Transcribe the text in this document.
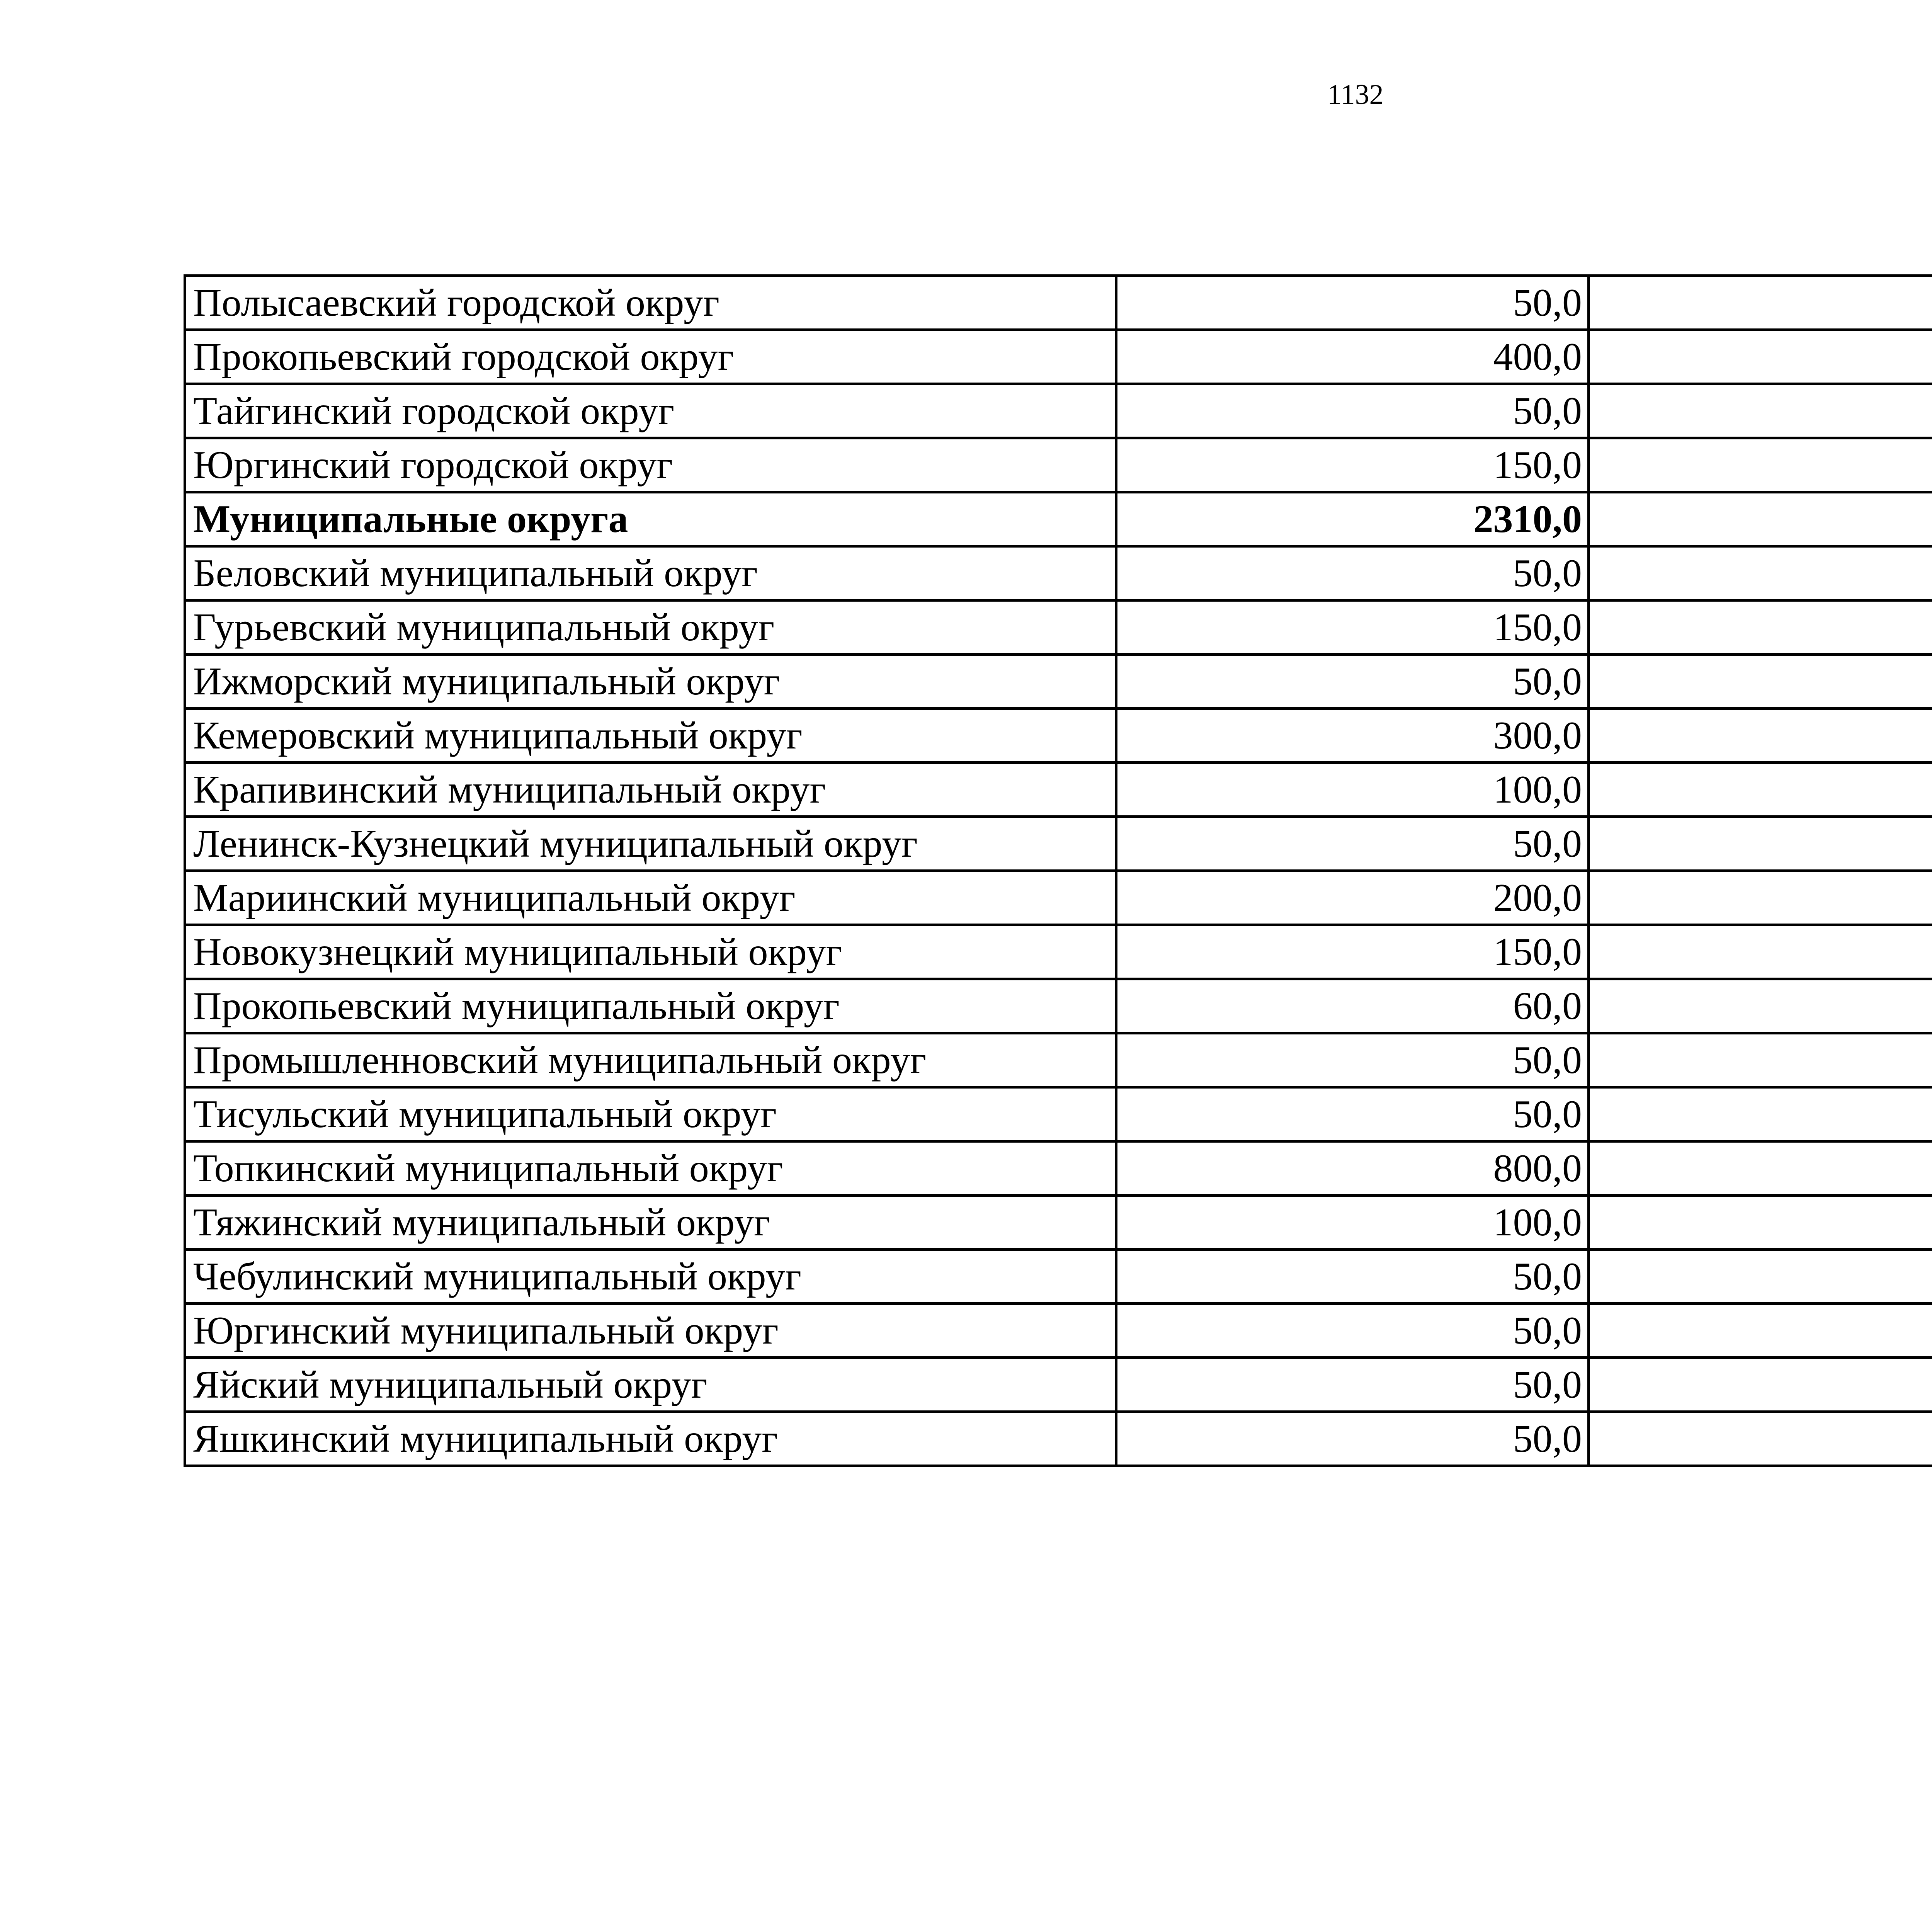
1132
Полысаевский городской округ	50,0		
Прокопьевский городской округ	400,0		
Тайгинский городской округ	50,0		
Юргинский городской округ	150,0		
Муниципальные округа	2310,0		
Беловский муниципальный округ	50,0		
Гурьевский муниципальный округ	150,0		
Ижморский муниципальный округ	50,0		
Кемеровский муниципальный округ	300,0		
Крапивинский муниципальный округ	100,0		
Ленинск-Кузнецкий муниципальный округ	50,0		
Мариинский муниципальный округ	200,0		
Новокузнецкий муниципальный округ	150,0		
Прокопьевский муниципальный округ	60,0		
Промышленновский муниципальный округ	50,0		
Тисульский муниципальный округ	50,0		
Топкинский муниципальный округ	800,0		
Тяжинский муниципальный округ	100,0		
Чебулинский муниципальный округ	50,0		
Юргинский муниципальный округ	50,0		
Яйский муниципальный округ	50,0		
Яшкинский муниципальный округ	50,0		
